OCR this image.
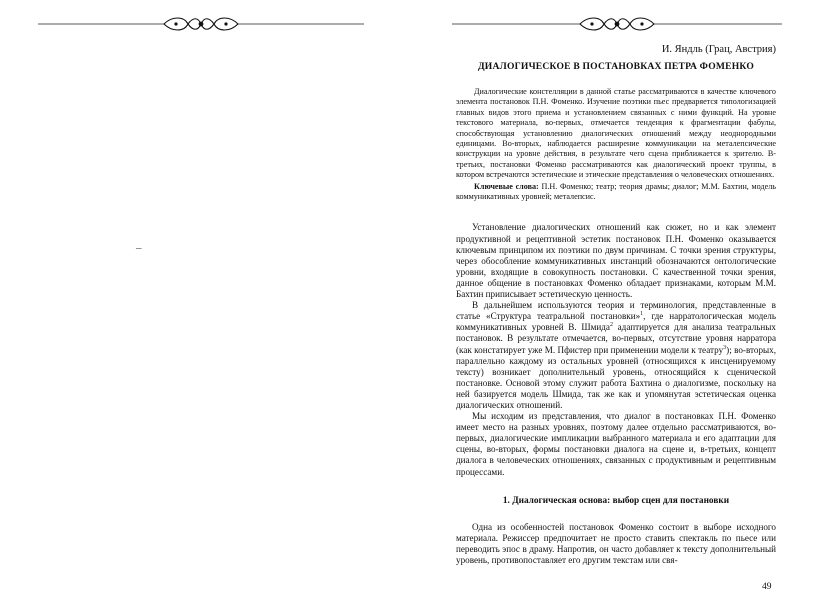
_
И. Яндль (Грац, Австрия)
ДИАЛОГИЧЕСКОЕ В ПОСТАНОВКАХ ПЕТРА ФОМЕНКО

Диалогические констелляции в данной статье рассматриваются в качестве ключевого элемента постановок П.Н. Фоменко. Изучение поэтики пьес предваряется типологизацией главных видов этого приема и установлением связанных с ними функций. На уровне текстового материала, во-первых, отмечается тенденция к фрагментации фабулы, способствующая установлению диалогических отношений между неоднородными единицами. Во-вторых, наблюдается расширение коммуникации на металепсические конструкции на уровне действия, в результате чего сцена приближается к зрителю. В-третьих, постановки Фоменко рассматриваются как диалогический проект труппы, в котором встречаются эстетические и этические представления о человеческих отношениях.

Ключевые слова: П.Н. Фоменко; театр; теория драмы; диалог; М.М. Бахтин, модель коммуникативных уровней; металепсис.

Установление диалогических отношений как сюжет, но и как элемент продуктивной и рецептивной эстетик постановок П.Н. Фоменко оказывается ключевым принципом их поэтики по двум причинам. С точки зрения структуры, через обособление коммуникативных инстанций обозначаются онтологические уровни, входящие в совокупность постановки. С качественной точки зрения, данное общение в постановках Фоменко обладает признаками, которым М.М. Бахтин приписывает эстетическую ценность.

В дальнейшем используются теория и терминология, представленные в статье «Структура театральной постановки»$^1$, где нарратологическая модель коммуникативных уровней В. Шмида$^2$ адаптируется для анализа театральных постановок. В результате отмечается, во-первых, отсутствие уровня нарратора (как констатирует уже М. Пфистер при применении модели к театру$^3$); во-вторых, параллельно каждому из остальных уровней (относящихся к инсценируемому тексту) возникает дополнительный уровень, относящийся к сценической постановке. Основой этому служит работа Бахтина о диалогизме, поскольку на ней базируется модель Шмида, так же как и упомянутая эстетическая оценка диалогических отношений.

Мы исходим из представления, что диалог в постановках П.Н. Фоменко имеет место на разных уровнях, поэтому далее отдельно рассматриваются, во-первых, диалогические импликации выбранного материала и его адаптации для сцены, во-вторых, формы постановки диалога на сцене и, в-третьих, концепт диалога в человеческих отношениях, связанных с продуктивным и рецептивным процессами.

1. Диалогическая основа: выбор сцен для постановки

Одна из особенностей постановок Фоменко состоит в выборе исходного материала. Режиссер предпочитает не просто ставить спектакль по пьесе или переводить эпос в драму. Напротив, он часто добавляет к тексту дополнительный уровень, противопоставляет его другим текстам или свя-

49
